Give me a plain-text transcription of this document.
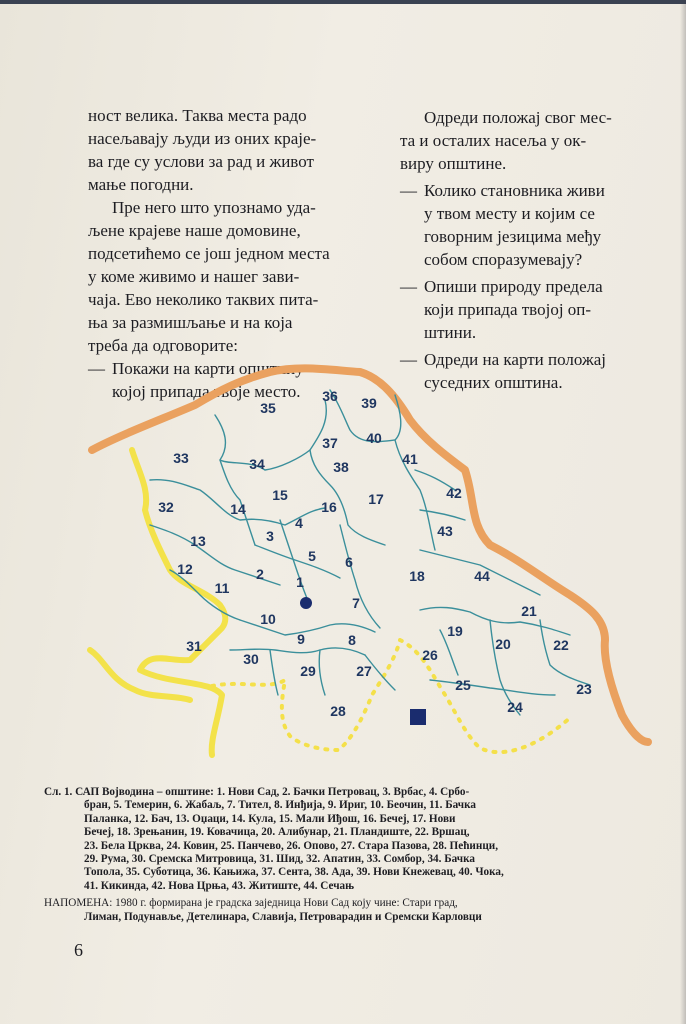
ност велика. Таква места радо
насељавају људи из оних краје-
ва где су услови за рад и живот
мање погодни.

Пре него што упознамо уда-
љене крајеве наше домовине,
подсетићемо се још једном места
у коме живимо и нашег зави-
чаја. Ево неколико таквих пита-
ња за размишљање и на која
треба да одговорите:

— Покажи на карти општину
којој припада твоје место.

Одреди положај свог мес-
та и осталих насеља у ок-
виру општине.

— Колико становника живи
у твом месту и којим се
говорним језицима међу
собом споразумевају?
— Опиши природу предела
који припада твојој оп-
штини.
— Одреди на карти положај
суседних општина.
1
2
3
4
5 6
7
8
9
10
11
12
13
14
15
16 17
18
19
20
21
22
23
24
25
26
27
28
29
30
31
32
33	34
35
36
37
38
39
40
41
42
43
44

Сл. 1. САП Војводина – општине: 1. Нови Сад, 2. Бачки Петровац, 3. Врбас, 4. Србо-
бран, 5. Темерин, 6. Жабаљ, 7. Тител, 8. Инђија, 9. Ириг, 10. Беочин, 11. Бачка
Паланка, 12. Бач, 13. Оџаци, 14. Кула, 15. Мали Иђош, 16. Бечеј, 17. Нови
Бечеј, 18. Зрењанин, 19. Ковачица, 20. Алибунар, 21. Пландиште, 22. Вршац,
23. Бела Црква, 24. Ковин, 25. Панчево, 26. Опово, 27. Стара Пазова, 28. Пећинци,
29. Рума, 30. Сремска Митровица, 31. Шид, 32. Апатин, 33. Сомбор, 34. Бачка
Топола, 35. Суботица, 36. Кањижа, 37. Сента, 38. Ада, 39. Нови Кнежевац, 40. Чока,
41. Кикинда, 42. Нова Црња, 43. Житиште, 44. Сечањ

НАПОМЕНА: 1980 г. формирана је градска заједница Нови Сад коју чине: Стари град,
Лиман, Подунавље, Детелинара, Славија, Петроварадин и Сремски Карловци

6
